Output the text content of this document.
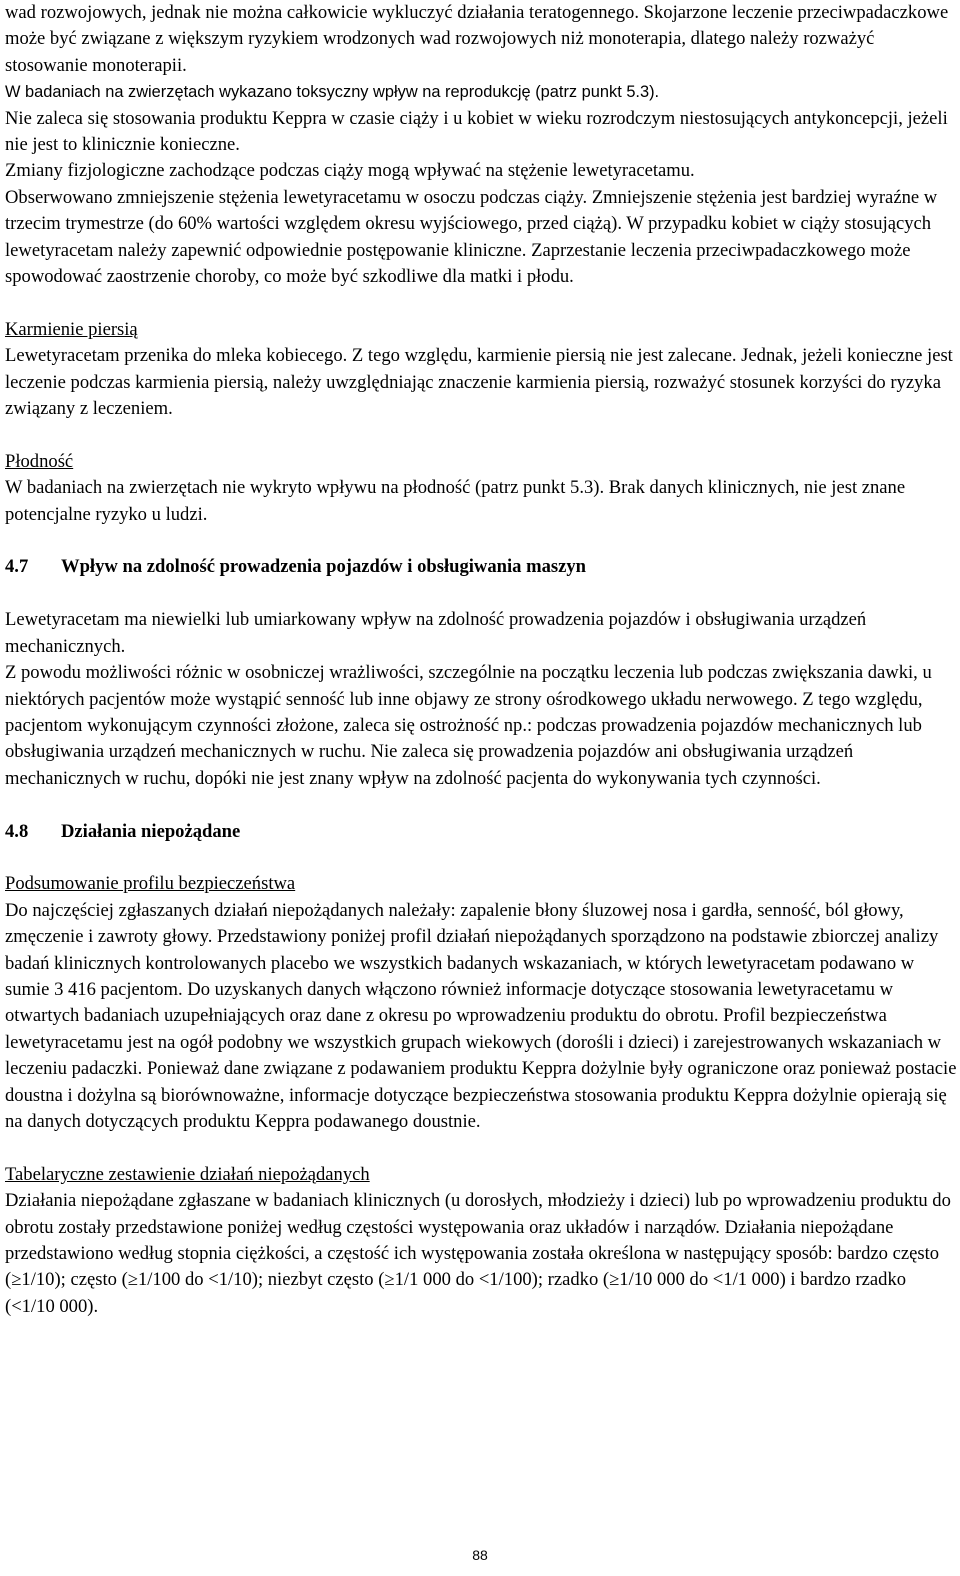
wad rozwojowych, jednak nie można całkowicie wykluczyć działania teratogennego. Skojarzone leczenie przeciwpadaczkowe może być związane z większym ryzykiem wrodzonych wad rozwojowych niż monoterapia, dlatego należy rozważyć stosowanie monoterapii.

W badaniach na zwierzętach wykazano toksyczny wpływ na reprodukcję (patrz punkt 5.3).

Nie zaleca się stosowania produktu Keppra w czasie ciąży i u kobiet w wieku rozrodczym niestosujących antykoncepcji, jeżeli nie jest to klinicznie konieczne.

Zmiany fizjologiczne zachodzące podczas ciąży mogą wpływać na stężenie lewetyracetamu.

Obserwowano zmniejszenie stężenia lewetyracetamu w osoczu podczas ciąży. Zmniejszenie stężenia jest bardziej wyraźne w trzecim trymestrze (do 60% wartości względem okresu wyjściowego, przed ciążą). W przypadku kobiet w ciąży stosujących lewetyracetam należy zapewnić odpowiednie postępowanie kliniczne. Zaprzestanie leczenia przeciwpadaczkowego może spowodować zaostrzenie choroby, co może być szkodliwe dla matki i płodu.

Karmienie piersią

Lewetyracetam przenika do mleka kobiecego. Z tego względu, karmienie piersią nie jest zalecane. Jednak, jeżeli konieczne jest leczenie podczas karmienia piersią, należy uwzględniając znaczenie karmienia piersią, rozważyć stosunek korzyści do ryzyka związany z leczeniem.

Płodność

W badaniach na zwierzętach nie wykryto wpływu na płodność (patrz punkt 5.3). Brak danych klinicznych, nie jest znane potencjalne ryzyko u ludzi.

4.7 Wpływ na zdolność prowadzenia pojazdów i obsługiwania maszyn

Lewetyracetam ma niewielki lub umiarkowany wpływ na zdolność prowadzenia pojazdów i obsługiwania urządzeń mechanicznych.

Z powodu możliwości różnic w osobniczej wrażliwości, szczególnie na początku leczenia lub podczas zwiększania dawki, u niektórych pacjentów może wystąpić senność lub inne objawy ze strony ośrodkowego układu nerwowego. Z tego względu, pacjentom wykonującym czynności złożone, zaleca się ostrożność np.: podczas prowadzenia pojazdów mechanicznych lub obsługiwania urządzeń mechanicznych w ruchu. Nie zaleca się prowadzenia pojazdów ani obsługiwania urządzeń mechanicznych w ruchu, dopóki nie jest znany wpływ na zdolność pacjenta do wykonywania tych czynności.

4.8 Działania niepożądane

Podsumowanie profilu bezpieczeństwa

Do najczęściej zgłaszanych działań niepożądanych należały: zapalenie błony śluzowej nosa i gardła, senność, ból głowy, zmęczenie i zawroty głowy. Przedstawiony poniżej profil działań niepożądanych sporządzono na podstawie zbiorczej analizy badań klinicznych kontrolowanych placebo we wszystkich badanych wskazaniach, w których lewetyracetam podawano w sumie 3 416 pacjentom. Do uzyskanych danych włączono również informacje dotyczące stosowania lewetyracetamu w otwartych badaniach uzupełniających oraz dane z okresu po wprowadzeniu produktu do obrotu. Profil bezpieczeństwa lewetyracetamu jest na ogół podobny we wszystkich grupach wiekowych (dorośli i dzieci) i zarejestrowanych wskazaniach w leczeniu padaczki. Ponieważ dane związane z podawaniem produktu Keppra dożylnie były ograniczone oraz ponieważ postacie doustna i dożylna są biorównoważne, informacje dotyczące bezpieczeństwa stosowania produktu Keppra dożylnie opierają się na danych dotyczących produktu Keppra podawanego doustnie.

Tabelaryczne zestawienie działań niepożądanych

Działania niepożądane zgłaszane w badaniach klinicznych (u dorosłych, młodzieży i dzieci) lub po wprowadzeniu produktu do obrotu zostały przedstawione poniżej według częstości występowania oraz układów i narządów. Działania niepożądane przedstawiono według stopnia ciężkości, a częstość ich występowania została określona w następujący sposób: bardzo często (≥1/10); często (≥1/100 do <1/10); niezbyt często (≥1/1 000 do <1/100); rzadko (≥1/10 000 do <1/1 000) i bardzo rzadko (<1/10 000).

88
